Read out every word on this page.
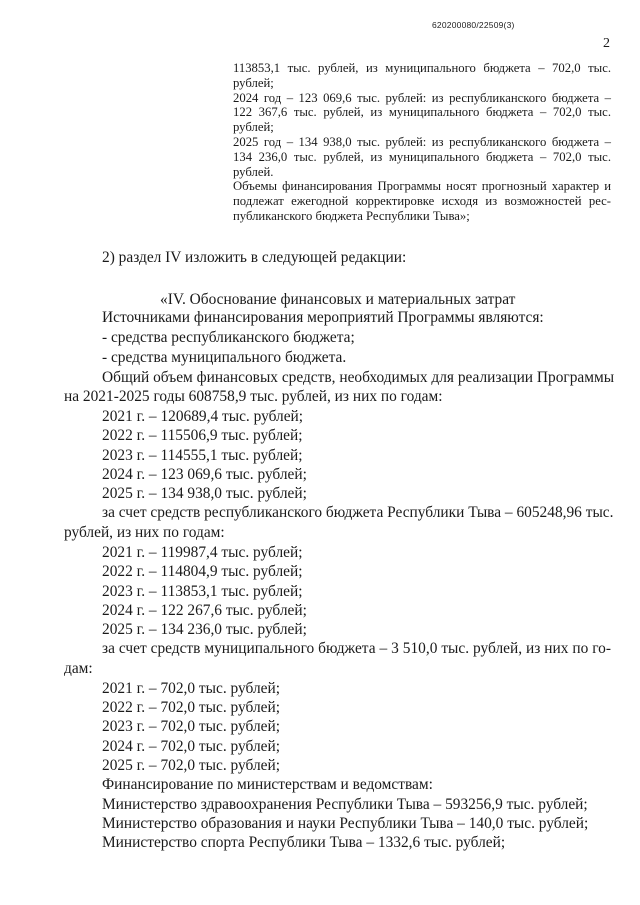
620200080/22509(3)
2
113853,1 тыс. рублей, из муниципального бюджета – 702,0 тыс.
рублей;
2024 год – 123 069,6 тыс. рублей: из республиканского бюджета –
122 367,6 тыс. рублей, из муниципального бюджета – 702,0 тыс.
рублей;
2025 год – 134 938,0 тыс. рублей: из республиканского бюджета –
134 236,0 тыс. рублей, из муниципального бюджета – 702,0 тыс.
рублей.
Объемы финансирования Программы носят прогнозный характер и
подлежат ежегодной корректировке исходя из возможностей рес-
публиканского бюджета Республики Тыва»;
2) раздел IV изложить в следующей редакции:
«IV. Обоснование финансовых и материальных затрат
Источниками финансирования мероприятий Программы являются:
- средства республиканского бюджета;
- средства муниципального бюджета.
Общий объем финансовых средств, необходимых для реализации Программы
на 2021-2025 годы 608758,9 тыс. рублей, из них по годам:
2021 г. – 120689,4 тыс. рублей;
2022 г. – 115506,9 тыс. рублей;
2023 г. – 114555,1 тыс. рублей;
2024 г. – 123 069,6 тыс. рублей;
2025 г. – 134 938,0 тыс. рублей;
за счет средств республиканского бюджета Республики Тыва – 605248,96 тыс.
рублей, из них по годам:
2021 г. – 119987,4 тыс. рублей;
2022 г. – 114804,9 тыс. рублей;
2023 г. – 113853,1 тыс. рублей;
2024 г. – 122 267,6 тыс. рублей;
2025 г. – 134 236,0 тыс. рублей;
за счет средств муниципального бюджета – 3 510,0 тыс. рублей, из них по го-
дам:
2021 г. – 702,0 тыс. рублей;
2022 г. – 702,0 тыс. рублей;
2023 г. – 702,0 тыс. рублей;
2024 г. – 702,0 тыс. рублей;
2025 г. – 702,0 тыс. рублей;
Финансирование по министерствам и ведомствам:
Министерство здравоохранения Республики Тыва – 593256,9 тыс. рублей;
Министерство образования и науки Республики Тыва – 140,0 тыс. рублей;
Министерство спорта Республики Тыва – 1332,6 тыс. рублей;
